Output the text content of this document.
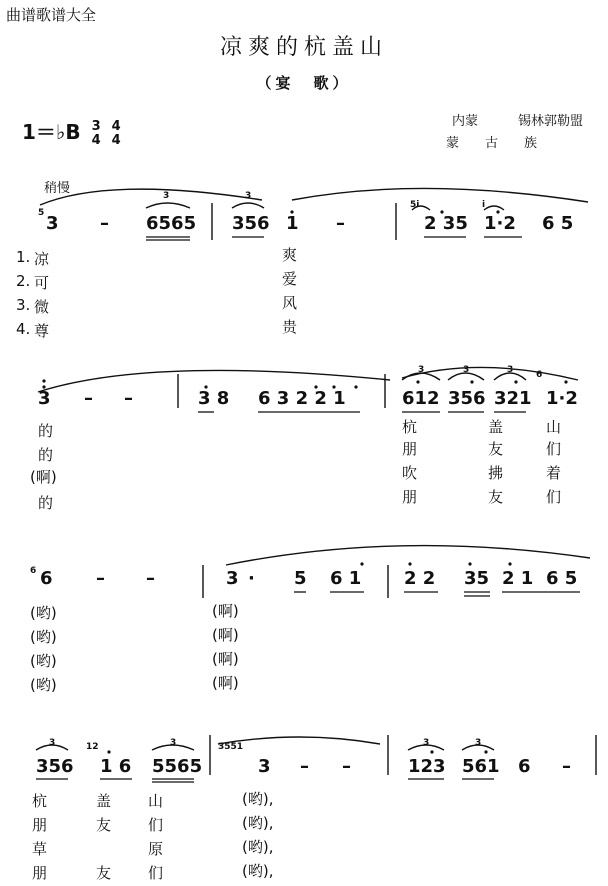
曲谱歌谱大全
凉爽的杭盖山
（宴　歌）
1＝♭B 3
4

4
4
内蒙	锡林郭勒盟
蒙　　古　　族
稍慢	3	3
3	3	3
3	3	3	3
5
5i	i
6
6
12	3551
3 – 6565 356 1 –	2 35 1·2 6 5
1. 凉	爽
2. 可	爱
3. 微	风
4. 尊	贵
3 – –	3 8 6 3 2 2 1	612 356 321 1·2
的	杭	盖	山
的	朋	友	们
(啊)	吹	拂	着
的	朋	友	们
6 – –	3 · 5 6 1 2 2 35 2 1 6 5
(哟)	(啊)
(哟)	(啊)
(哟)	(啊)
(哟)	(啊)
356 1 6 5565	3 – –	123 561 6 –
杭	盖 山	(哟),
朋	友 们	(哟),
草	原	(哟),
朋	友 们	(哟),
